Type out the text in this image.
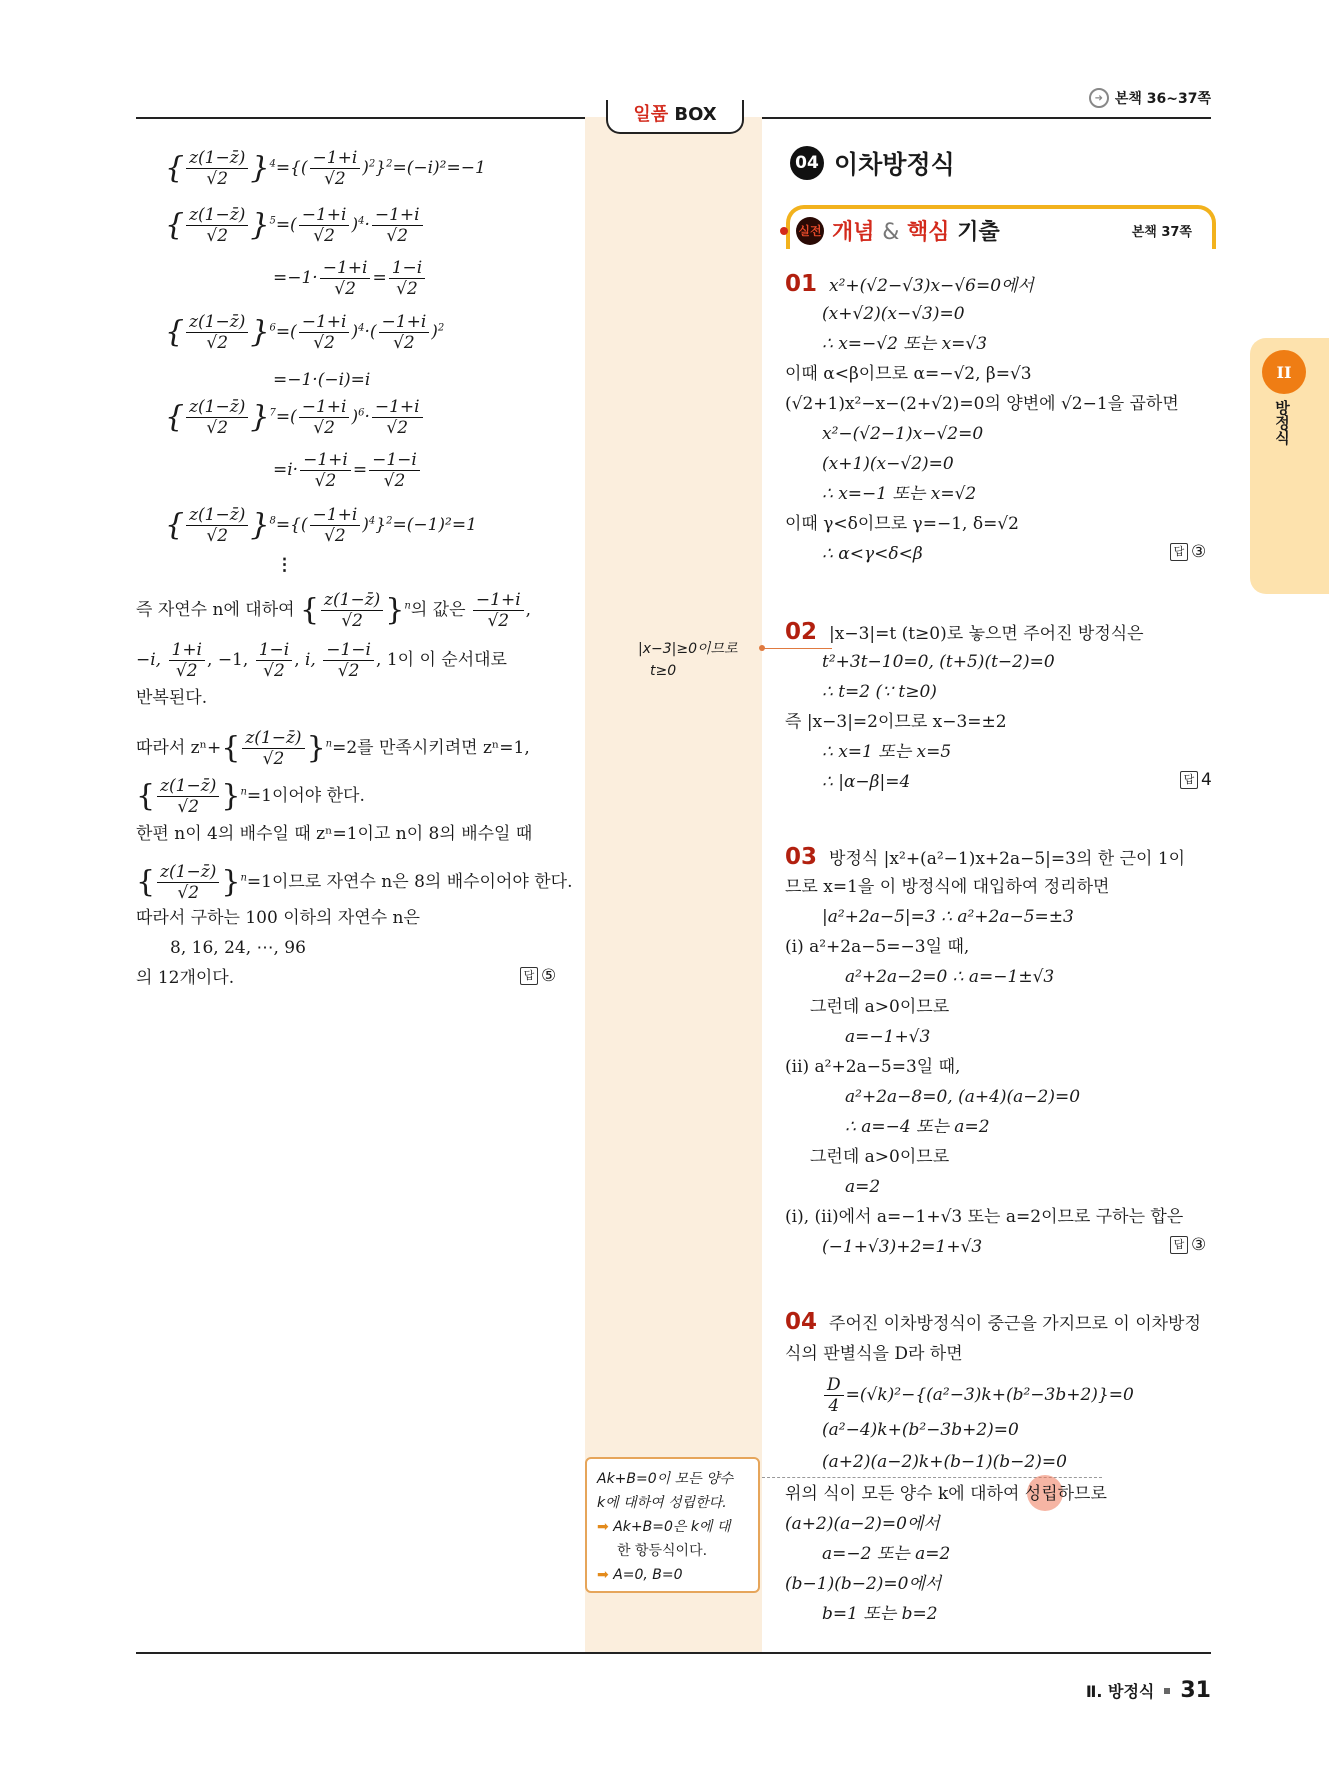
일품 BOX
➜ 본책 36~37쪽
04 이차방정식
실전 개념 & 핵심 기출	본책 37쪽
{ $\frac{z(1-z̄)}{√2} \}^4=\{( \frac{-1+i}{√2} )^2\}^2=(-i)^2=-1$
{ $\frac{z(1-z̄)}{√2} \}^5=( \frac{-1+i}{√2} )^4\cdot \frac{-1+i}{√2}$
$=-1\cdot \frac{-1+i}{√2} = \frac{1-i}{√2}$
{ $\frac{z(1-z̄)}{√2} \}^6=( \frac{-1+i}{√2} )^4\cdot( \frac{-1+i}{√2} )^2$
=−1·(−i)=i
{ $\frac{z(1-z̄)}{√2} \}^7=( \frac{-1+i}{√2} )^6\cdot \frac{-1+i}{√2}$
$=i\cdot \frac{-1+i}{√2} = \frac{-1-i}{√2}$
{ $\frac{z(1-z̄)}{√2} \}^8=\{( \frac{-1+i}{√2} )^4\}^2=(-1)^2=1$
⋮
즉 자연수 n에 대하여 { $\frac{z(1-z̄)}{√2} \}^n$의 값은 $\frac{-1+i}{√2}$ ,
−i, $\frac{1+i}{√2}$ , −1, $\frac{1-i}{√2}$ , i, $\frac{-1-i}{√2}$ , 1이 이 순서대로
반복된다.
따라서 $z^n+\{ \frac{z(1-z̄)}{√2} \}^n=2$를 만족시키려면 zⁿ=1,
{ $\frac{z(1-z̄)}{√2} \}^n=1$이어야 한다.
한편 n이 4의 배수일 때 zⁿ=1이고 n이 8의 배수일 때
{ $\frac{z(1-z̄)}{√2} \}^n=1$이므로 자연수 n은 8의 배수이어야 한다.
따라서 구하는 100 이하의 자연수 n은
8, 16, 24, ⋯, 96
의 12개이다.	답 ⑤
01 x²+(√2−√3)x−√6=0에서
(x+√2)(x−√3)=0
∴ x=−√2 또는 x=√3
이때 α<β이므로 α=−√2, β=√3
(√2+1)x²−x−(2+√2)=0의 양변에 √2−1을 곱하면
x²−(√2−1)x−√2=0
(x+1)(x−√2)=0
∴ x=−1 또는 x=√2
이때 γ<δ이므로 γ=−1, δ=√2
∴ α<γ<δ<β	답 ③
|x−3|≥0이므로
t≥0
02 |x−3|=t (t≥0)로 놓으면 주어진 방정식은
t²+3t−10=0, (t+5)(t−2)=0
∴ t=2 (∵ t≥0)
즉 |x−3|=2이므로 x−3=±2
∴ x=1 또는 x=5
∴ |α−β|=4	답 4
03 방정식 |x²+(a²−1)x+2a−5|=3의 한 근이 1이
므로 x=1을 이 방정식에 대입하여 정리하면
|a²+2a−5|=3 ∴ a²+2a−5=±3
(i) a²+2a−5=−3일 때,
a²+2a−2=0 ∴ a=−1±√3
그런데 a>0이므로
a=−1+√3
(ii) a²+2a−5=3일 때,
a²+2a−8=0, (a+4)(a−2)=0
∴ a=−4 또는 a=2
그런데 a>0이므로
a=2
(i), (ii)에서 a=−1+√3 또는 a=2이므로 구하는 합은
(−1+√3)+2=1+√3	답 ③
04 주어진 이차방정식이 중근을 가지므로 이 이차방정
식의 판별식을 D라 하면
$\frac{D}{4} =(√k)^2-\{(a^2-3)k+(b^2-3b+2)\}=0$
(a²−4)k+(b²−3b+2)=0
(a+2)(a−2)k+(b−1)(b−2)=0
위의 식이 모든 양수 k에 대하여 성립하므로
(a+2)(a−2)=0에서
a=−2 또는 a=2
(b−1)(b−2)=0에서
b=1 또는 b=2
Ak+B=0이 모든 양수
k에 대하여 성립한다.
➡ Ak+B=0은 k에 대
한 항등식이다.
➡ A=0, B=0
II
방정식
Ⅱ. 방정식 31
